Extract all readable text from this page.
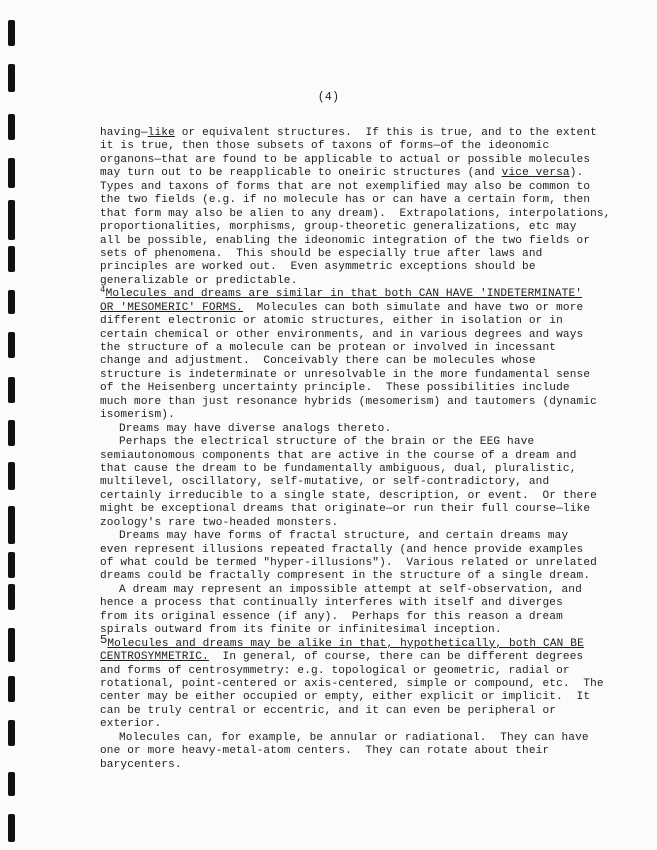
(4)
having—like or equivalent structures.  If this is true, and to the extent
it is true, then those subsets of taxons of forms—of the ideonomic
organons—that are found to be applicable to actual or possible molecules
may turn out to be reapplicable to oneiric structures (and vice versa).
Types and taxons of forms that are not exemplified may also be common to
the two fields (e.g. if no molecule has or can have a certain form, then
that form may also be alien to any dream).  Extrapolations, interpolations,
proportionalities, morphisms, group-theoretic generalizations, etc may
all be possible, enabling the ideonomic integration of the two fields or
sets of phenomena.  This should be especially true after laws and
principles are worked out.  Even asymmetric exceptions should be
generalizable or predictable.
$^4$Molecules and dreams are similar in that both CAN HAVE 'INDETERMINATE'
OR 'MESOMERIC' FORMS.  Molecules can both simulate and have two or more
different electronic or atomic structures, either in isolation or in
certain chemical or other environments, and in various degrees and ways
the structure of a molecule can be protean or involved in incessant
change and adjustment.  Conceivably there can be molecules whose
structure is indeterminate or unresolvable in the more fundamental sense
of the Heisenberg uncertainty principle.  These possibilities include
much more than just resonance hybrids (mesomerism) and tautomers (dynamic
isomerism).
Dreams may have diverse analogs thereto.
Perhaps the electrical structure of the brain or the EEG have
semiautonomous components that are active in the course of a dream and
that cause the dream to be fundamentally ambiguous, dual, pluralistic,
multilevel, oscillatory, self-mutative, or self-contradictory, and
certainly irreducible to a single state, description, or event.  Or there
might be exceptional dreams that originate—or run their full course—like
zoology's rare two-headed monsters.
Dreams may have forms of fractal structure, and certain dreams may
even represent illusions repeated fractally (and hence provide examples
of what could be termed "hyper-illusions").  Various related or unrelated
dreams could be fractally compresent in the structure of a single dream.
A dream may represent an impossible attempt at self-observation, and
hence a process that continually interferes with itself and diverges
from its original essence (if any).  Perhaps for this reason a dream
spirals outward from its finite or infinitesimal inception.
$^5$Molecules and dreams may be alike in that, hypothetically, both CAN BE
CENTROSYMMETRIC.  In general, of course, there can be different degrees
and forms of centrosymmetry: e.g. topological or geometric, radial or
rotational, point-centered or axis-centered, simple or compound, etc.  The
center may be either occupied or empty, either explicit or implicit.  It
can be truly central or eccentric, and it can even be peripheral or
exterior.
Molecules can, for example, be annular or radiational.  They can have
one or more heavy-metal-atom centers.  They can rotate about their
barycenters.
